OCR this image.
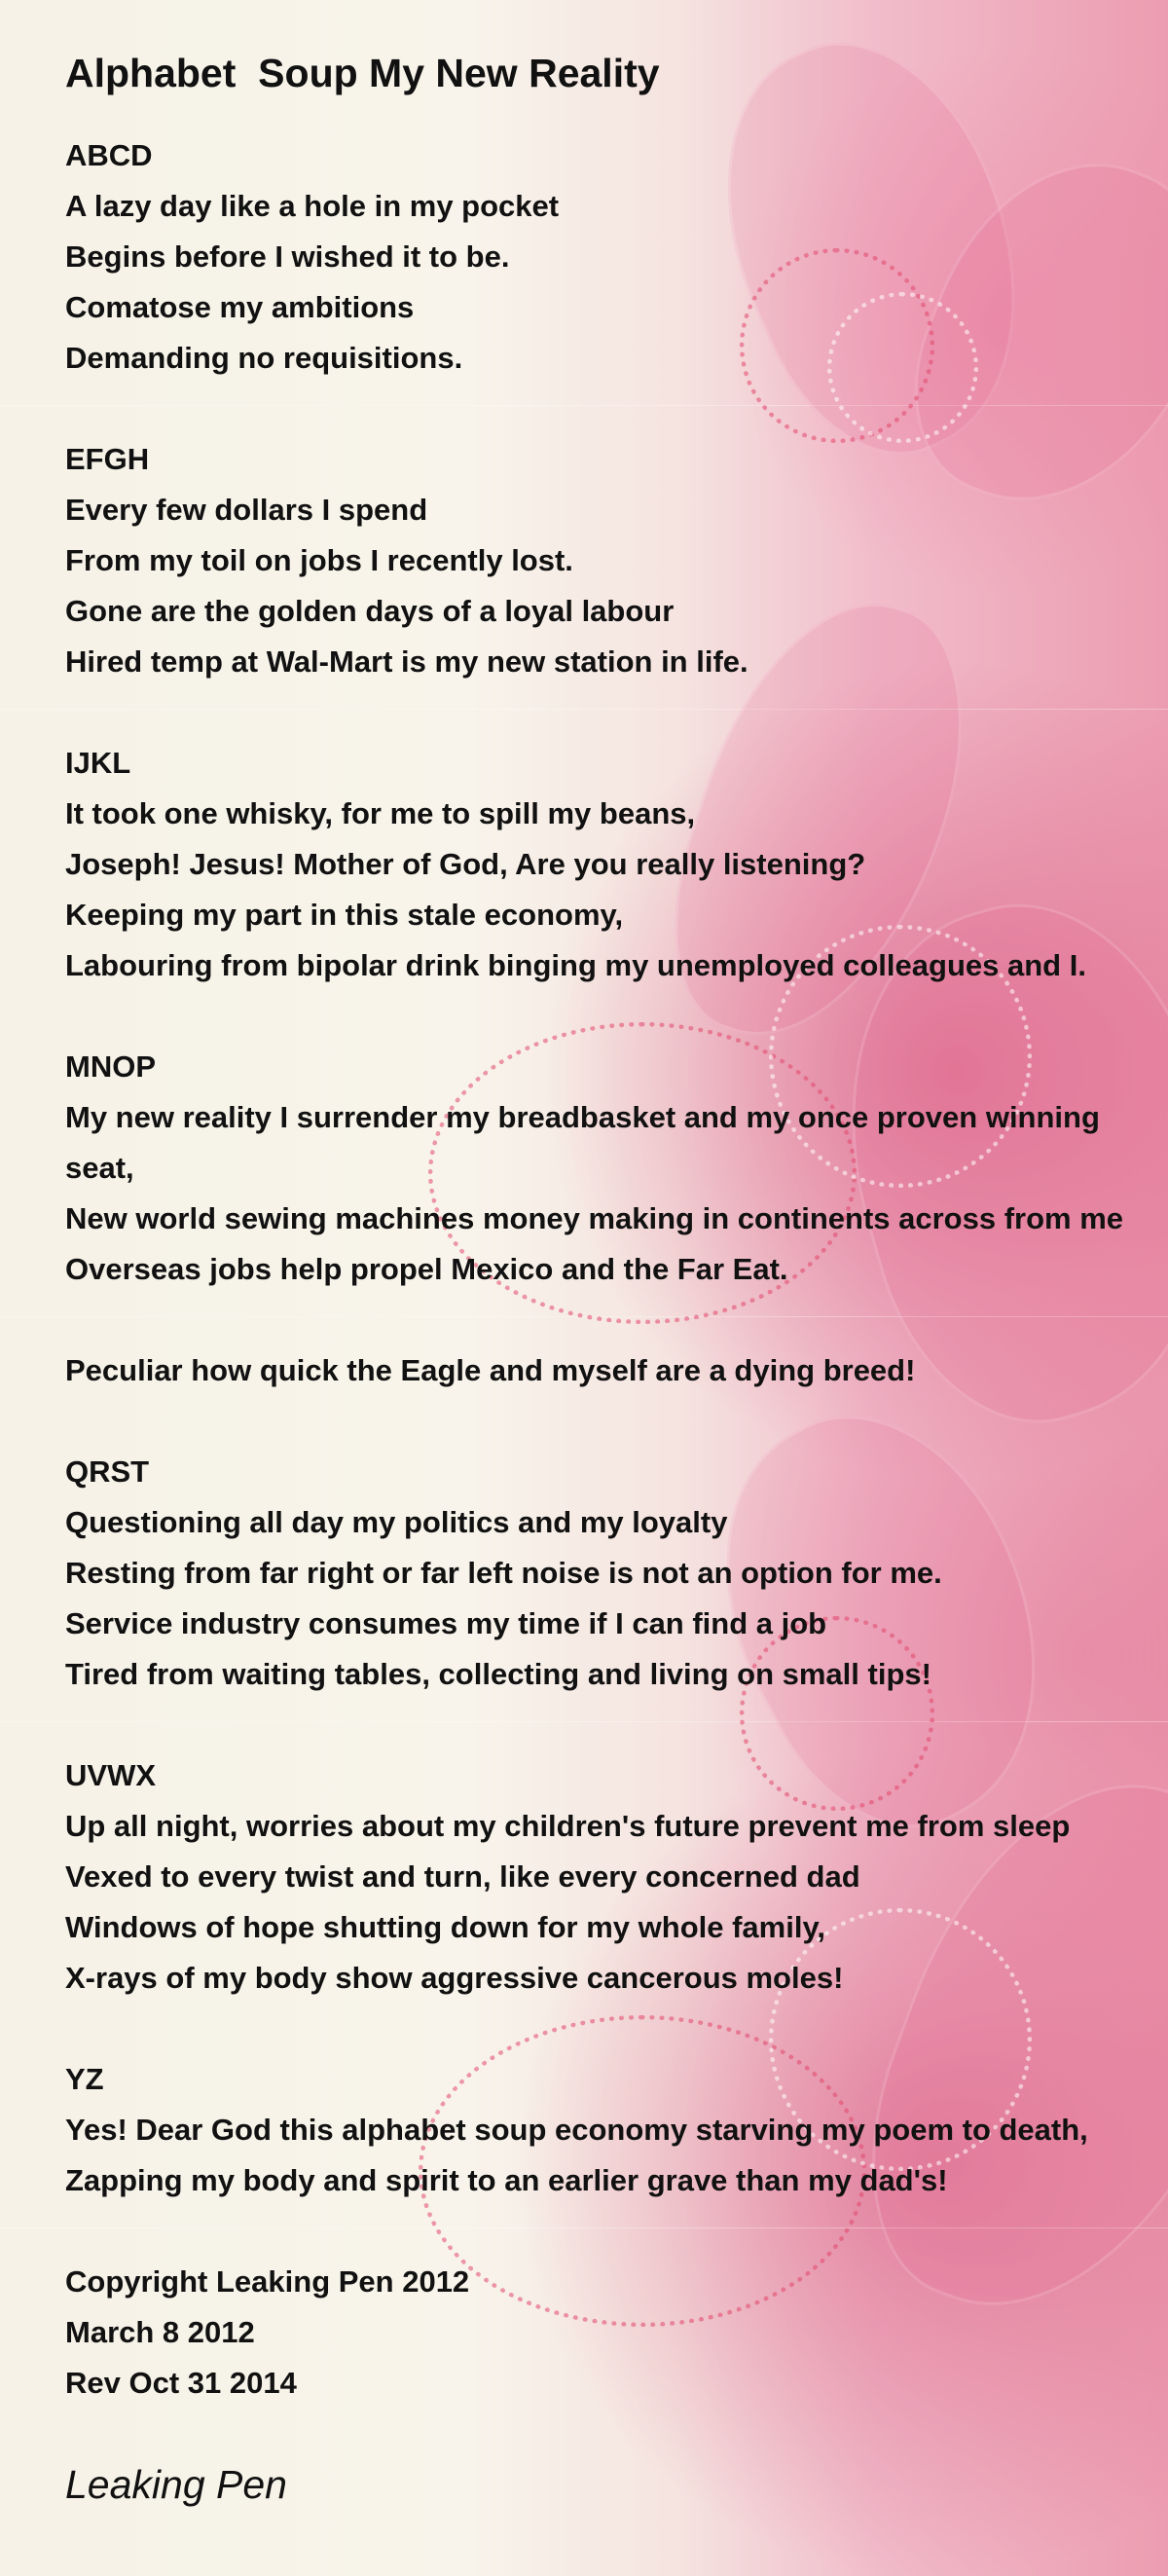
Alphabet  Soup My New Reality
ABCD
A lazy day like a hole in my pocket
Begins before I wished it to be.
Comatose my ambitions
Demanding no requisitions.
EFGH
Every few dollars I spend
From my toil on jobs I recently lost.
Gone are the golden days of a loyal labour
Hired temp at Wal-Mart is my new station in life.
IJKL
It took one whisky, for me to spill my beans,
Joseph! Jesus! Mother of God, Are you really listening?
Keeping my part in this stale economy,
Labouring from bipolar drink binging my unemployed colleagues and I.
MNOP
My new reality I surrender my breadbasket and my once proven winning seat,
New world sewing machines money making in continents across from me
Overseas jobs help propel Mexico and the Far Eat.
Peculiar how quick the Eagle and myself are a dying breed!
QRST
Questioning all day my politics and my loyalty
Resting from far right or far left noise is not an option for me.
Service industry consumes my time if I can find a job
Tired from waiting tables, collecting and living on small tips!
UVWX
Up all night, worries about my children's future prevent me from sleep
Vexed to every twist and turn, like every concerned dad
Windows of hope shutting down for my whole family,
X-rays of my body show aggressive cancerous moles!
YZ
Yes! Dear God this alphabet soup economy starving my poem to death,
Zapping my body and spirit to an earlier grave than my dad's!
Copyright Leaking Pen 2012
March 8 2012
Rev Oct 31 2014
Leaking Pen
